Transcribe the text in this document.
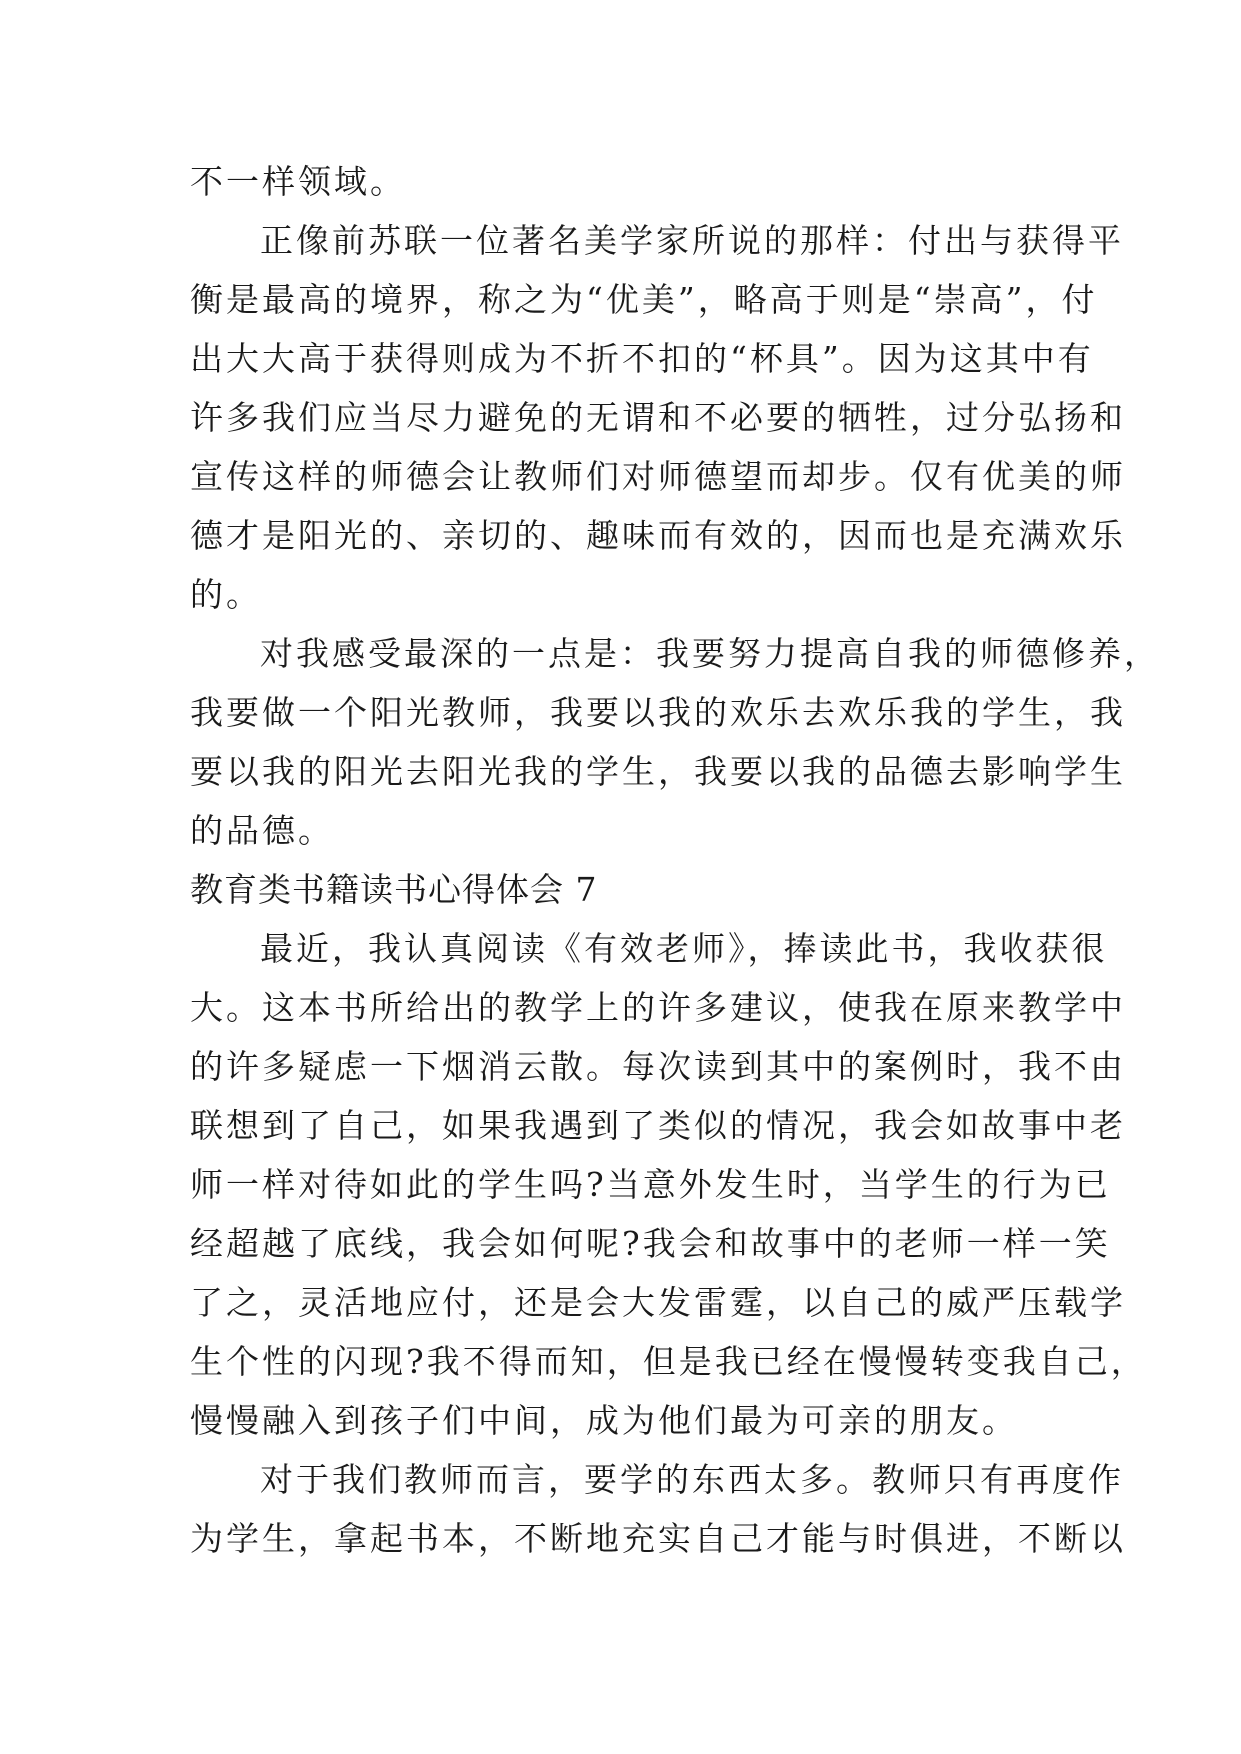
不一样领域。
正像前苏联一位著名美学家所说的那样：付出与获得平
衡是最高的境界，称之为“优美”，略高于则是“崇高”，付
出大大高于获得则成为不折不扣的“杯具”。因为这其中有
许多我们应当尽力避免的无谓和不必要的牺牲，过分弘扬和
宣传这样的师德会让教师们对师德望而却步。仅有优美的师
德才是阳光的、亲切的、趣味而有效的，因而也是充满欢乐
的。
对我感受最深的一点是：我要努力提高自我的师德修养，
我要做一个阳光教师，我要以我的欢乐去欢乐我的学生，我
要以我的阳光去阳光我的学生，我要以我的品德去影响学生
的品德。
教育类书籍读书心得体会 7
最近，我认真阅读《有效老师》，捧读此书，我收获很
大。这本书所给出的教学上的许多建议，使我在原来教学中
的许多疑虑一下烟消云散。每次读到其中的案例时，我不由
联想到了自己，如果我遇到了类似的情况，我会如故事中老
师一样对待如此的学生吗?当意外发生时，当学生的行为已
经超越了底线，我会如何呢?我会和故事中的老师一样一笑
了之，灵活地应付，还是会大发雷霆，以自己的威严压载学
生个性的闪现?我不得而知，但是我已经在慢慢转变我自己，
慢慢融入到孩子们中间，成为他们最为可亲的朋友。
对于我们教师而言，要学的东西太多。教师只有再度作
为学生，拿起书本，不断地充实自己才能与时俱进，不断以
